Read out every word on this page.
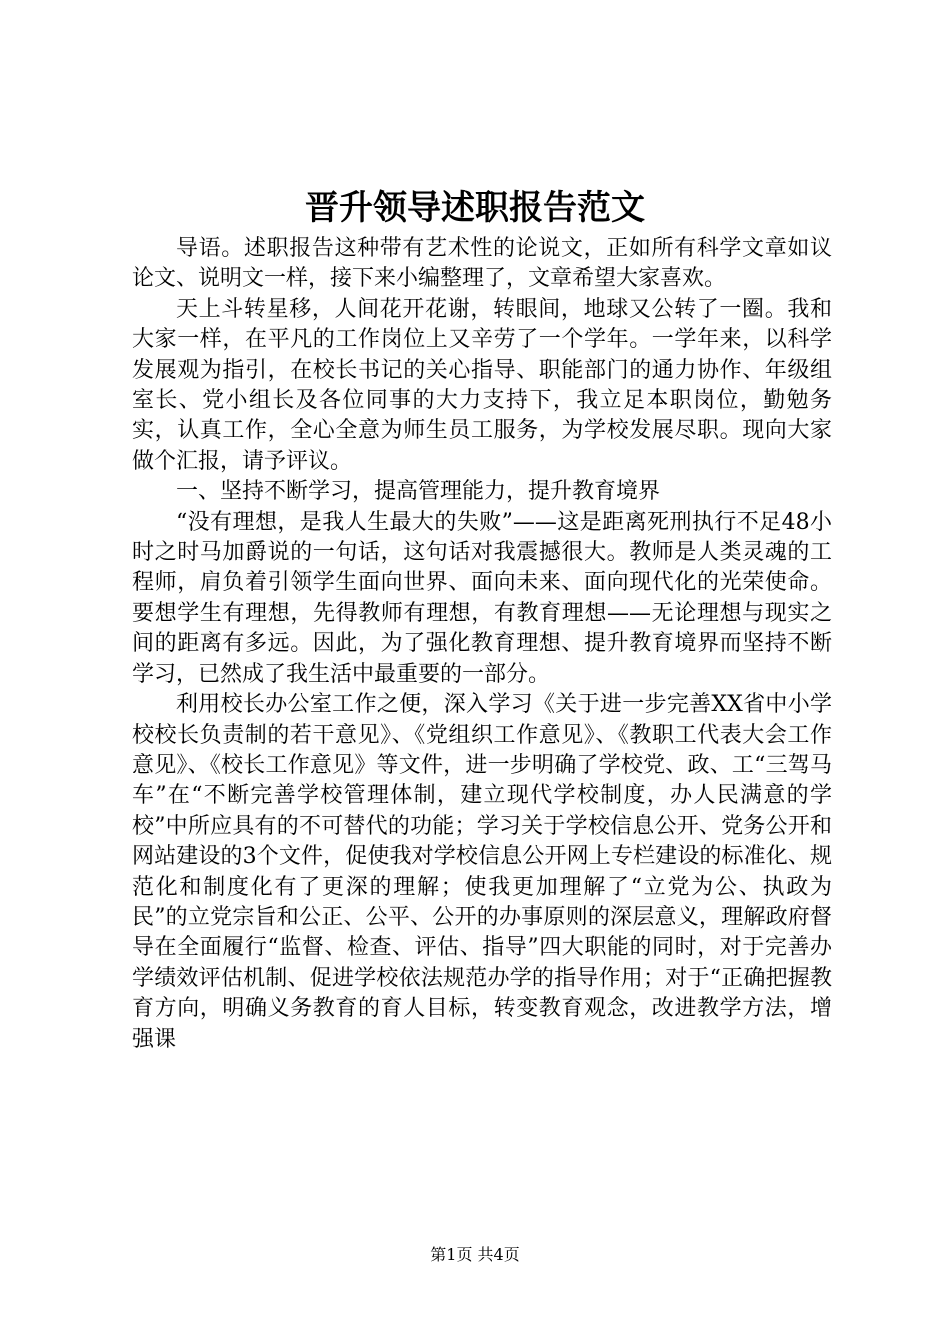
晋升领导述职报告范文

导语。述职报告这种带有艺术性的论说文，正如所有科学文章如议论文、说明文一样，接下来小编整理了，文章希望大家喜欢。

天上斗转星移，人间花开花谢，转眼间，地球又公转了一圈。我和大家一样，在平凡的工作岗位上又辛劳了一个学年。一学年来，以科学发展观为指引，在校长书记的关心指导、职能部门的通力协作、年级组室长、党小组长及各位同事的大力支持下，我立足本职岗位，勤勉务实，认真工作，全心全意为师生员工服务，为学校发展尽职。现向大家做个汇报，请予评议。

一、坚持不断学习，提高管理能力，提升教育境界

“没有理想，是我人生最大的失败”——这是距离死刑执行不足48小时之时马加爵说的一句话，这句话对我震撼很大。教师是人类灵魂的工程师，肩负着引领学生面向世界、面向未来、面向现代化的光荣使命。要想学生有理想，先得教师有理想，有教育理想——无论理想与现实之间的距离有多远。因此，为了强化教育理想、提升教育境界而坚持不断学习，已然成了我生活中最重要的一部分。

利用校长办公室工作之便，深入学习《关于进一步完善XX省中小学校校长负责制的若干意见》、《党组织工作意见》、《教职工代表大会工作意见》、《校长工作意见》等文件，进一步明确了学校党、政、工“三驾马车”在“不断完善学校管理体制，建立现代学校制度，办人民满意的学校”中所应具有的不可替代的功能；学习关于学校信息公开、党务公开和网站建设的3个文件，促使我对学校信息公开网上专栏建设的标准化、规范化和制度化有了更深的理解；使我更加理解了“立党为公、执政为民”的立党宗旨和公正、公平、公开的办事原则的深层意义，理解政府督导在全面履行“监督、检查、评估、指导”四大职能的同时，对于完善办学绩效评估机制、促进学校依法规范办学的指导作用；对于“正确把握教育方向，明确义务教育的育人目标，转变教育观念，改进教学方法，增强课

第1页 共4页
